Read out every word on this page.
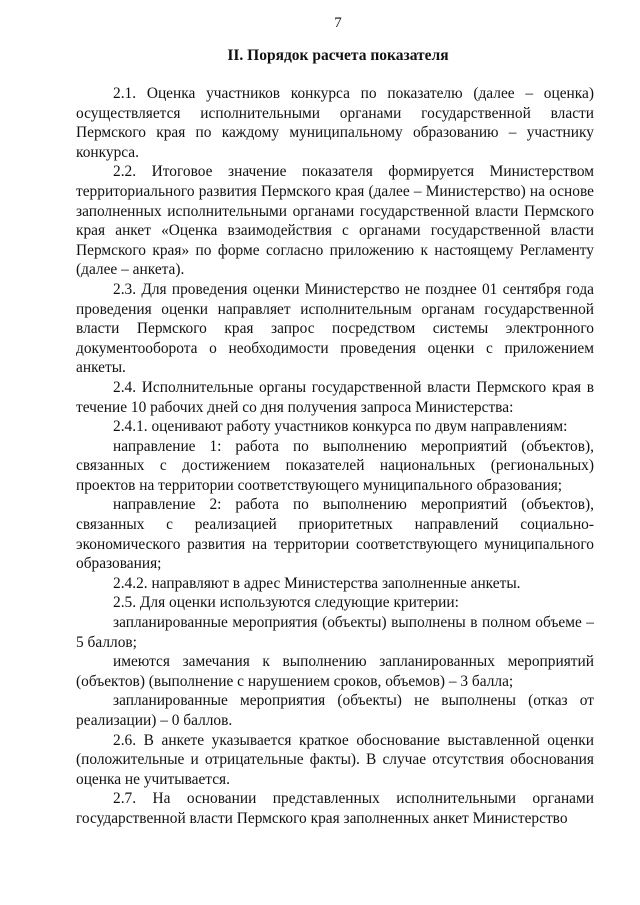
7
II. Порядок расчета показателя

2.1. Оценка участников конкурса по показателю (далее – оценка) осуществляется исполнительными органами государственной власти Пермского края по каждому муниципальному образованию – участнику конкурса.

2.2. Итоговое значение показателя формируется Министерством территориального развития Пермского края (далее – Министерство) на основе заполненных исполнительными органами государственной власти Пермского края анкет «Оценка взаимодействия с органами государственной власти Пермского края» по форме согласно приложению к настоящему Регламенту (далее – анкета).

2.3. Для проведения оценки Министерство не позднее 01 сентября года проведения оценки направляет исполнительным органам государственной власти Пермского края запрос посредством системы электронного документооборота о необходимости проведения оценки с приложением анкеты.

2.4. Исполнительные органы государственной власти Пермского края в течение 10 рабочих дней со дня получения запроса Министерства:

2.4.1. оценивают работу участников конкурса по двум направлениям:

направление 1: работа по выполнению мероприятий (объектов), связанных с достижением показателей национальных (региональных) проектов на территории соответствующего муниципального образования;

направление 2: работа по выполнению мероприятий (объектов), связанных с реализацией приоритетных направлений социально-экономического развития на территории соответствующего муниципального образования;

2.4.2. направляют в адрес Министерства заполненные анкеты.

2.5. Для оценки используются следующие критерии:

запланированные мероприятия (объекты) выполнены в полном объеме – 5 баллов;

имеются замечания к выполнению запланированных мероприятий (объектов) (выполнение с нарушением сроков, объемов) – 3 балла;

запланированные мероприятия (объекты) не выполнены (отказ от реализации) – 0 баллов.

2.6. В анкете указывается краткое обоснование выставленной оценки (положительные и отрицательные факты). В случае отсутствия обоснования оценка не учитывается.

2.7. На основании представленных исполнительными органами государственной власти Пермского края заполненных анкет Министерство
